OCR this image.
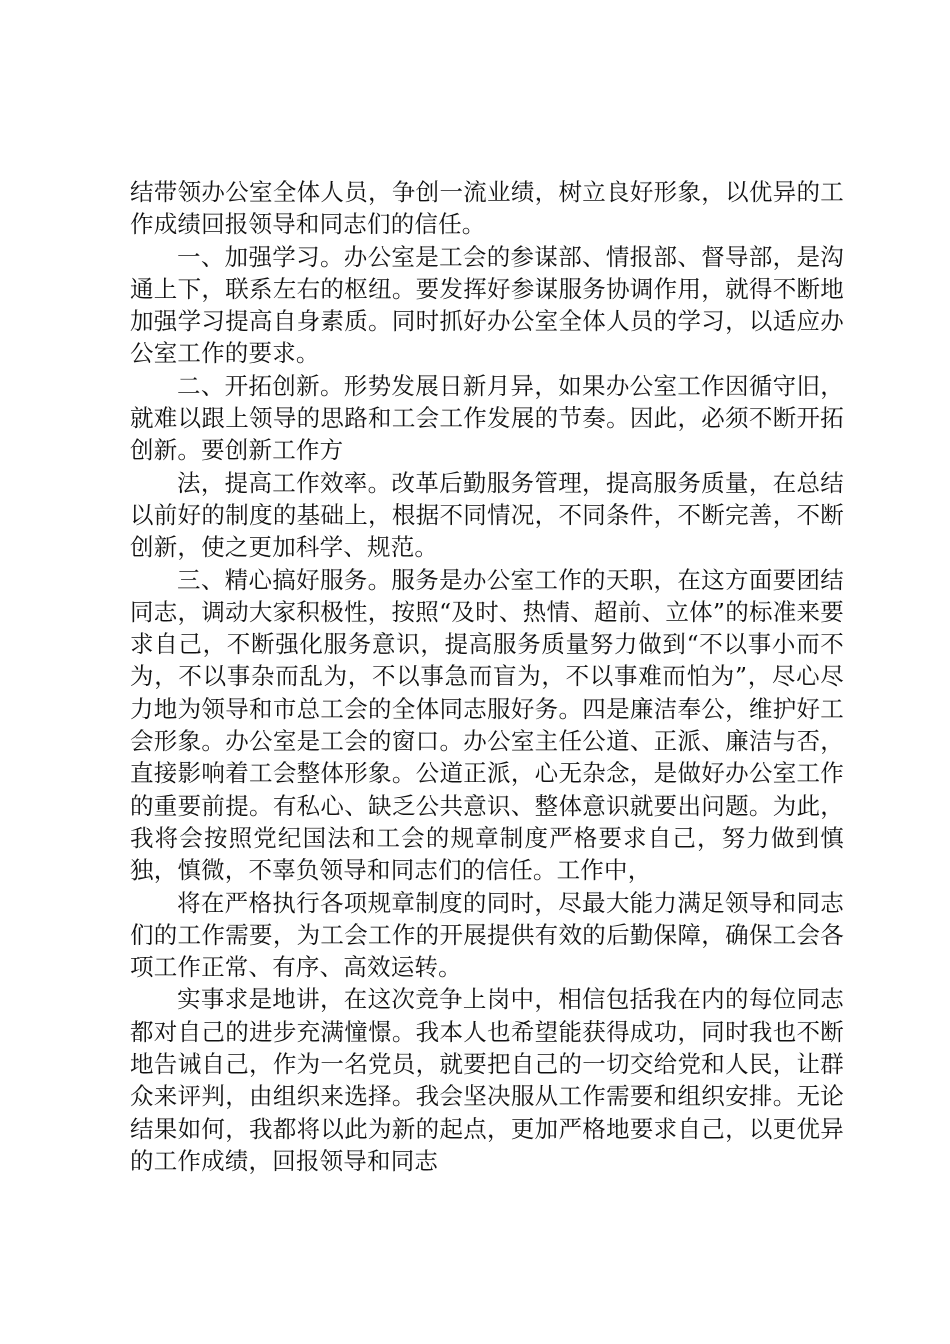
结带领办公室全体人员，争创一流业绩，树立良好形象，以优异的工作成绩回报领导和同志们的信任。

一、加强学习。办公室是工会的参谋部、情报部、督导部，是沟通上下，联系左右的枢纽。要发挥好参谋服务协调作用，就得不断地加强学习提高自身素质。同时抓好办公室全体人员的学习，以适应办公室工作的要求。

二、开拓创新。形势发展日新月异，如果办公室工作因循守旧，就难以跟上领导的思路和工会工作发展的节奏。因此，必须不断开拓创新。要创新工作方

法，提高工作效率。改革后勤服务管理，提高服务质量，在总结以前好的制度的基础上，根据不同情况，不同条件，不断完善，不断创新，使之更加科学、规范。

三、精心搞好服务。服务是办公室工作的天职，在这方面要团结同志，调动大家积极性，按照“及时、热情、超前、立体”的标准来要求自己，不断强化服务意识，提高服务质量努力做到“不以事小而不为，不以事杂而乱为，不以事急而盲为，不以事难而怕为”，尽心尽力地为领导和市总工会的全体同志服好务。四是廉洁奉公，维护好工会形象。办公室是工会的窗口。办公室主任公道、正派、廉洁与否，直接影响着工会整体形象。公道正派，心无杂念，是做好办公室工作的重要前提。有私心、缺乏公共意识、整体意识就要出问题。为此，我将会按照党纪国法和工会的规章制度严格要求自己，努力做到慎独，慎微，不辜负领导和同志们的信任。工作中，

将在严格执行各项规章制度的同时，尽最大能力满足领导和同志们的工作需要，为工会工作的开展提供有效的后勤保障，确保工会各项工作正常、有序、高效运转。

实事求是地讲，在这次竞争上岗中，相信包括我在内的每位同志都对自己的进步充满憧憬。我本人也希望能获得成功，同时我也不断地告诫自己，作为一名党员，就要把自己的一切交给党和人民，让群众来评判，由组织来选择。我会坚决服从工作需要和组织安排。无论结果如何，我都将以此为新的起点，更加严格地要求自己，以更优异的工作成绩，回报领导和同志
